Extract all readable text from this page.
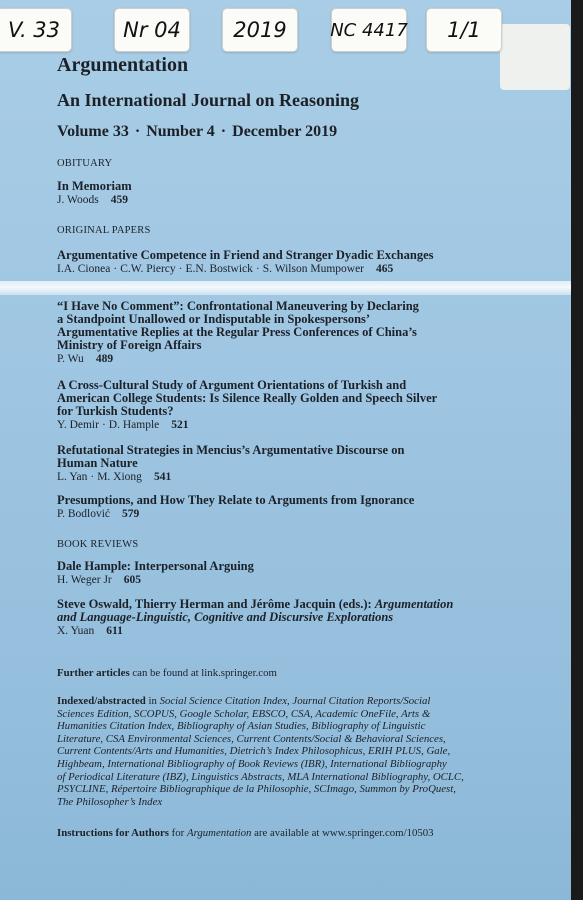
V. 33	Nr 04	2019	NC 4417	1/1
Argumentation
An International Journal on Reasoning
Volume 33 · Number 4 · December 2019
OBITUARY
In Memoriam
J. Woods 459
ORIGINAL PAPERS
Argumentative Competence in Friend and Stranger Dyadic Exchanges
I.A. Cionea · C.W. Piercy · E.N. Bostwick · S. Wilson Mumpower 465
“I Have No Comment”: Confrontational Maneuvering by Declaring
a Standpoint Unallowed or Indisputable in Spokespersons’
Argumentative Replies at the Regular Press Conferences of China’s
Ministry of Foreign Affairs
P. Wu 489
A Cross-Cultural Study of Argument Orientations of Turkish and
American College Students: Is Silence Really Golden and Speech Silver
for Turkish Students?
Y. Demir · D. Hample 521
Refutational Strategies in Mencius’s Argumentative Discourse on
Human Nature
L. Yan · M. Xiong 541
Presumptions, and How They Relate to Arguments from Ignorance
P. Bodlović 579
BOOK REVIEWS
Dale Hample: Interpersonal Arguing
H. Weger Jr 605
Steve Oswald, Thierry Herman and Jérôme Jacquin (eds.): Argumentation
and Language-Linguistic, Cognitive and Discursive Explorations
X. Yuan 611
Further articles can be found at link.springer.com
Indexed/abstracted in Social Science Citation Index, Journal Citation Reports/Social
Sciences Edition, SCOPUS, Google Scholar, EBSCO, CSA, Academic OneFile, Arts &
Humanities Citation Index, Bibliography of Asian Studies, Bibliography of Linguistic
Literature, CSA Environmental Sciences, Current Contents/Social & Behavioral Sciences,
Current Contents/Arts and Humanities, Dietrich’s Index Philosophicus, ERIH PLUS, Gale,
Highbeam, International Bibliography of Book Reviews (IBR), International Bibliography
of Periodical Literature (IBZ), Linguistics Abstracts, MLA International Bibliography, OCLC,
PSYCLINE, Répertoire Bibliographique de la Philosophie, SCImago, Summon by ProQuest,
The Philosopher’s Index
Instructions for Authors for Argumentation are available at www.springer.com/10503
